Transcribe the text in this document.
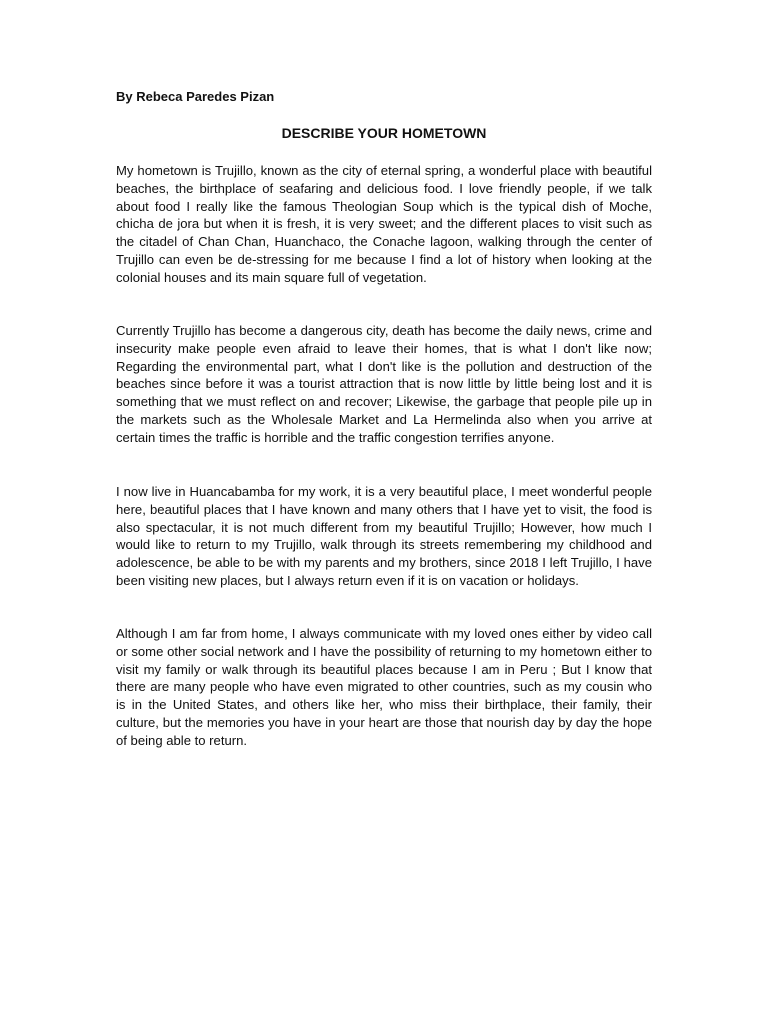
By Rebeca Paredes Pizan
DESCRIBE YOUR HOMETOWN

My hometown is Trujillo, known as the city of eternal spring, a wonderful place with beautiful beaches, the birthplace of seafaring and delicious food. I love friendly people, if we talk about food I really like the famous Theologian Soup which is the typical dish of Moche, chicha de jora but when it is fresh, it is very sweet; and the different places to visit such as the citadel of Chan Chan, Huanchaco, the Conache lagoon, walking through the center of Trujillo can even be de-stressing for me because I find a lot of history when looking at the colonial houses and its main square full of vegetation.

Currently Trujillo has become a dangerous city, death has become the daily news, crime and insecurity make people even afraid to leave their homes, that is what I don't like now; Regarding the environmental part, what I don't like is the pollution and destruction of the beaches since before it was a tourist attraction that is now little by little being lost and it is something that we must reflect on and recover; Likewise, the garbage that people pile up in the markets such as the Wholesale Market and La Hermelinda also when you arrive at certain times the traffic is horrible and the traffic congestion terrifies anyone.

I now live in Huancabamba for my work, it is a very beautiful place, I meet wonderful people here, beautiful places that I have known and many others that I have yet to visit, the food is also spectacular, it is not much different from my beautiful Trujillo; However, how much I would like to return to my Trujillo, walk through its streets remembering my childhood and adolescence, be able to be with my parents and my brothers, since 2018 I left Trujillo, I have been visiting new places, but I always return even if it is on vacation or holidays.

Although I am far from home, I always communicate with my loved ones either by video call or some other social network and I have the possibility of returning to my hometown either to visit my family or walk through its beautiful places because I am in Peru ; But I know that there are many people who have even migrated to other countries, such as my cousin who is in the United States, and others like her, who miss their birthplace, their family, their culture, but the memories you have in your heart are those that nourish day by day the hope of being able to return.
